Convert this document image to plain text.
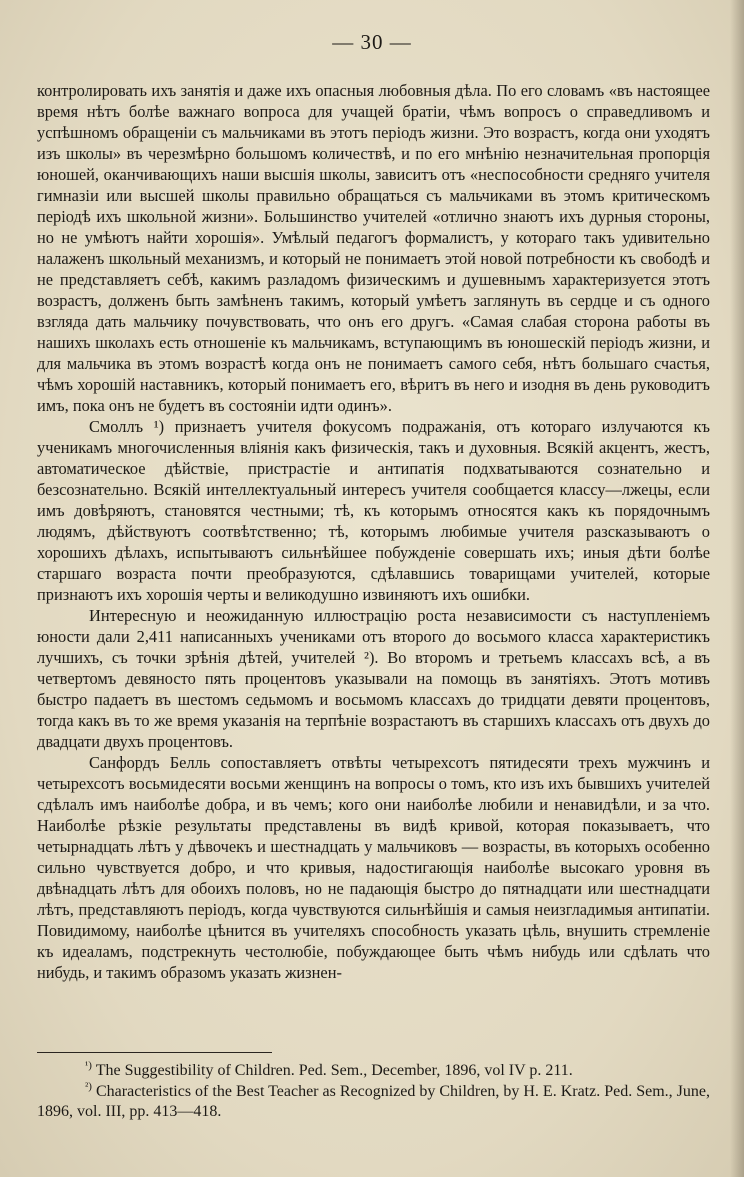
— 30 —

контролировать ихъ занятія и даже ихъ опасныя любовныя дѣла. По его словамъ «въ настоящее время нѣтъ болѣе важнаго вопроса для учащей братіи, чѣмъ вопросъ о справедливомъ и успѣшномъ обращеніи съ мальчиками въ этотъ періодъ жизни. Это возрастъ, когда они уходятъ изъ школы» въ черезмѣрно большомъ количествѣ, и по его мнѣнію незначительная пропорція юношей, оканчивающихъ наши высшія школы, зависитъ отъ «неспособности средняго учителя гимназіи или высшей школы правильно обращаться съ мальчиками въ этомъ критическомъ періодѣ ихъ школьной жизни». Большинство учителей «отлично знаютъ ихъ дурныя стороны, но не умѣютъ найти хорошія». Умѣлый педагогъ формалистъ, у котораго такъ удивительно налаженъ школьный механизмъ, и который не понимаетъ этой новой потребности къ свободѣ и не представляетъ себѣ, какимъ разладомъ физическимъ и душевнымъ характеризуется этотъ возрастъ, долженъ быть замѣненъ такимъ, который умѣетъ заглянуть въ сердце и съ одного взгляда дать мальчику почувствовать, что онъ его другъ. «Самая слабая сторона работы въ нашихъ школахъ есть отношеніе къ мальчикамъ, вступающимъ въ юношескій періодъ жизни, и для мальчика въ этомъ возрастѣ когда онъ не понимаетъ самого себя, нѣтъ большаго счастья, чѣмъ хорошій наставникъ, который понимаетъ его, вѣритъ въ него и изодня въ день руководитъ имъ, пока онъ не будетъ въ состояніи идти одинъ».

Смоллъ ¹) признаетъ учителя фокусомъ подражанія, отъ котораго излучаются къ ученикамъ многочисленныя вліянія какъ физическія, такъ и духовныя. Всякій акцентъ, жестъ, автоматическое дѣйствіе, пристрастіе и антипатія подхватываются сознательно и безсознательно. Всякій интеллектуальный интересъ учителя сообщается классу—лжецы, если имъ довѣряютъ, становятся честными; тѣ, къ которымъ относятся какъ къ порядочнымъ людямъ, дѣйствуютъ соотвѣтственно; тѣ, которымъ любимые учителя разсказываютъ о хорошихъ дѣлахъ, испытываютъ сильнѣйшее побужденіе совершать ихъ; иныя дѣти болѣе старшаго возраста почти преобразуются, сдѣлавшись товарищами учителей, которые признаютъ ихъ хорошія черты и великодушно извиняютъ ихъ ошибки.

Интересную и неожиданную иллюстрацію роста независимости съ наступленіемъ юности дали 2,411 написанныхъ учениками отъ второго до восьмого класса характеристикъ лучшихъ, съ точки зрѣнія дѣтей, учителей ²). Во второмъ и третьемъ классахъ всѣ, а въ четвертомъ девяносто пять процентовъ указывали на помощь въ занятіяхъ. Этотъ мотивъ быстро падаетъ въ шестомъ седьмомъ и восьмомъ классахъ до тридцати девяти процентовъ, тогда какъ въ то же время указанія на терпѣніе возрастаютъ въ старшихъ классахъ отъ двухъ до двадцати двухъ процентовъ.

Санфордъ Белль сопоставляетъ отвѣты четырехсотъ пятидесяти трехъ мужчинъ и четырехсотъ восьмидесяти восьми женщинъ на вопросы о томъ, кто изъ ихъ бывшихъ учителей сдѣлалъ имъ наиболѣе добра, и въ чемъ; кого они наиболѣе любили и ненавидѣли, и за что. Наиболѣе рѣзкіе результаты представлены въ видѣ кривой, которая показываетъ, что четырнадцать лѣтъ у дѣвочекъ и шестнадцать у мальчиковъ — возрасты, въ которыхъ особенно сильно чувствуется добро, и что кривыя, надостигающія наиболѣе высокаго уровня въ двѣнадцать лѣтъ для обоихъ половъ, но не падающія быстро до пятнадцати или шестнадцати лѣтъ, представляютъ періодъ, когда чувствуются сильнѣйшія и самыя неизгладимыя антипатіи. Повидимому, наиболѣе цѣнится въ учителяхъ способность указать цѣль, внушить стремленіе къ идеаламъ, подстрекнуть честолюбіе, побуждающее быть чѣмъ нибудь или сдѣлать что нибудь, и такимъ образомъ указать жизнен-

$^{^1)}$ The Suggestibility of Children. Ped. Sem., December, 1896, vol IV p. 211.

$^{^2)}$ Characteristics of the Best Teacher as Recognized by Children, by H. E. Kratz. Ped. Sem., June, 1896, vol. III, pp. 413—418.
